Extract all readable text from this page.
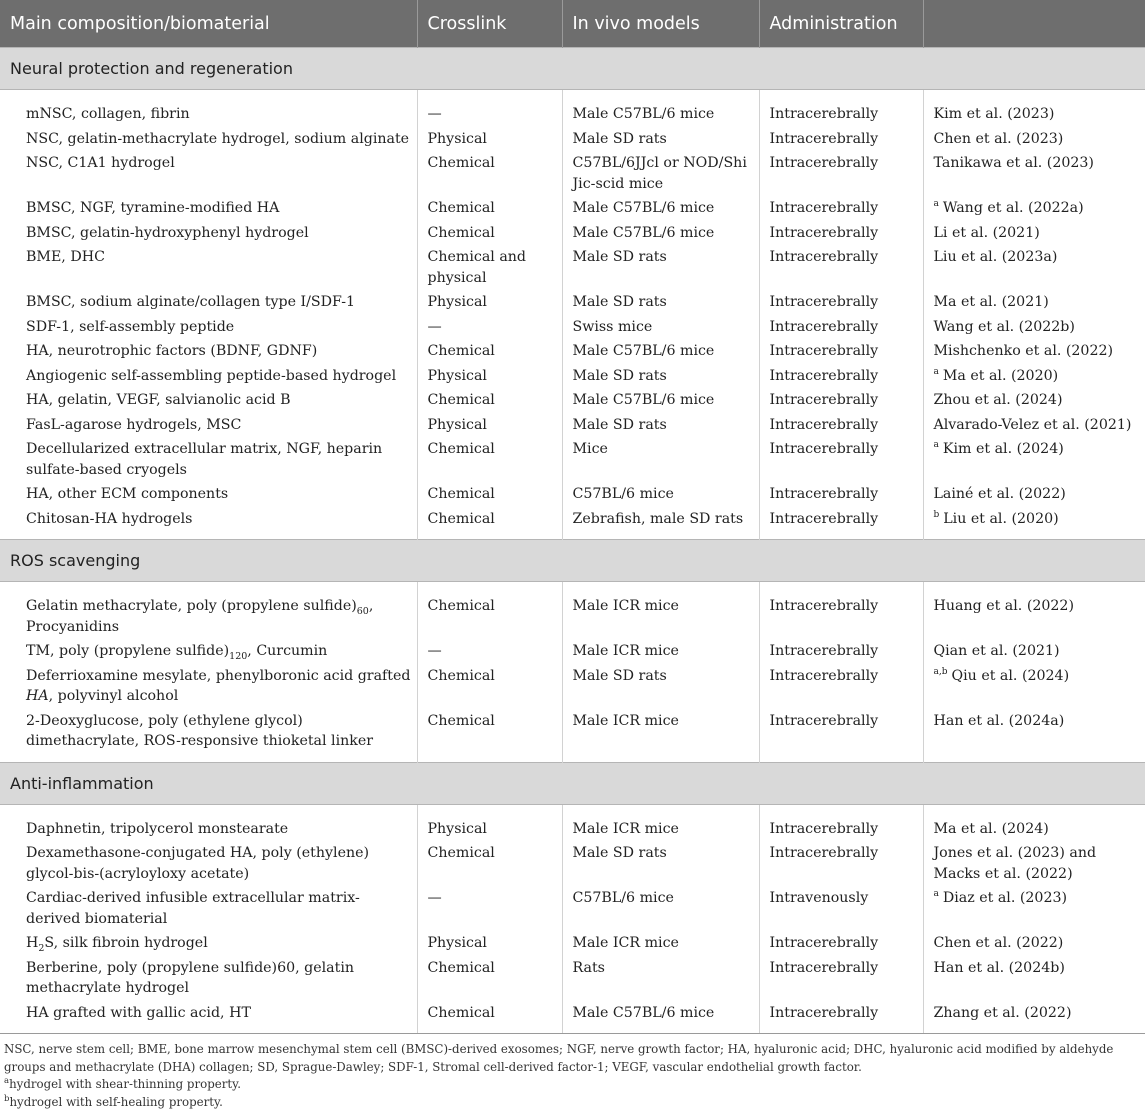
Main composition/biomaterial	Crosslink	In vivo models	Administration	
Neural protection and regeneration				
mNSC, collagen, fibrin	—	Male C57BL/6 mice	Intracerebrally	Kim et al. (2023)
NSC, gelatin-methacrylate hydrogel, sodium alginate	Physical	Male SD rats	Intracerebrally	Chen et al. (2023)
NSC, C1A1 hydrogel	Chemical	C57BL/6JJcl or NOD/Shi Jic-scid mice	Intracerebrally	Tanikawa et al. (2023)
BMSC, NGF, tyramine-modified HA	Chemical	Male C57BL/6 mice	Intracerebrally	$^a$ Wang et al. (2022a)
BMSC, gelatin-hydroxyphenyl hydrogel	Chemical	Male C57BL/6 mice	Intracerebrally	Li et al. (2021)
BME, DHC	Chemical and physical	Male SD rats	Intracerebrally	Liu et al. (2023a)
BMSC, sodium alginate/collagen type I/SDF-1	Physical	Male SD rats	Intracerebrally	Ma et al. (2021)
SDF-1, self-assembly peptide	—	Swiss mice	Intracerebrally	Wang et al. (2022b)
HA, neurotrophic factors (BDNF, GDNF)	Chemical	Male C57BL/6 mice	Intracerebrally	Mishchenko et al. (2022)
Angiogenic self-assembling peptide-based hydrogel	Physical	Male SD rats	Intracerebrally	$^a$ Ma et al. (2020)
HA, gelatin, VEGF, salvianolic acid B	Chemical	Male C57BL/6 mice	Intracerebrally	Zhou et al. (2024)
FasL-agarose hydrogels, MSC	Physical	Male SD rats	Intracerebrally	Alvarado-Velez et al. (2021)
Decellularized extracellular matrix, NGF, heparin sulfate-based cryogels	Chemical	Mice	Intracerebrally	$^a$ Kim et al. (2024)
HA, other ECM components	Chemical	C57BL/6 mice	Intracerebrally	Lainé et al. (2022)
Chitosan-HA hydrogels	Chemical	Zebrafish, male SD rats	Intracerebrally	$^b$ Liu et al. (2020)
ROS scavenging				
Gelatin methacrylate, poly (propylene $sulfide)_{60}$, Procyanidins	Chemical	Male ICR mice	Intracerebrally	Huang et al. (2022)
TM, poly (propylene $sulfide)_{120}$, Curcumin	—	Male ICR mice	Intracerebrally	Qian et al. (2021)
Deferrioxamine mesylate, phenylboronic acid grafted HA, polyvinyl alcohol	Chemical	Male SD rats	Intracerebrally	$^{a,b}$ Qiu et al. (2024)
2-Deoxyglucose, poly (ethylene glycol) dimethacrylate, ROS-responsive thioketal linker	Chemical	Male ICR mice	Intracerebrally	Han et al. (2024a)
Anti-inflammation				
Daphnetin, tripolycerol monstearate	Physical	Male ICR mice	Intracerebrally	Ma et al. (2024)
Dexamethasone-conjugated HA, poly (ethylene) glycol-bis-(acryloyloxy acetate)	Chemical	Male SD rats	Intracerebrally	Jones et al. (2023) and Macks et al. (2022)
Cardiac-derived infusible extracellular matrix-derived biomaterial	—	C57BL/6 mice	Intravenously	$^a$ Diaz et al. (2023)
$H_2S$, silk fibroin hydrogel	Physical	Male ICR mice	Intracerebrally	Chen et al. (2022)
Berberine, poly (propylene sulfide)60, gelatin methacrylate hydrogel	Chemical	Rats	Intracerebrally	Han et al. (2024b)
HA grafted with gallic acid, HT	Chemical	Male C57BL/6 mice	Intracerebrally	Zhang et al. (2022)

NSC, nerve stem cell; BME, bone marrow mesenchymal stem cell (BMSC)-derived exosomes; NGF, nerve growth factor; HA, hyaluronic acid; DHC, hyaluronic acid modified by aldehyde groups and methacrylate (DHA) collagen; SD, Sprague-Dawley; SDF-1, Stromal cell-derived factor-1; VEGF, vascular endothelial growth factor.

$^a$hydrogel with shear-thinning property.

$^b$hydrogel with self-healing property.
